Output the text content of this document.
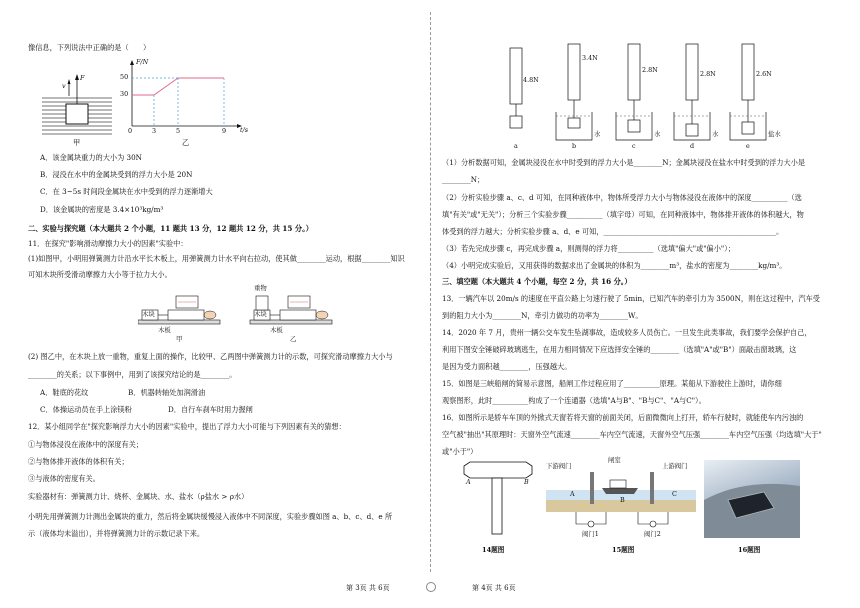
像信息，下列说法中正确的是（　　）
v
F
甲
F/N
t/s
50
30
0	3	5	9
乙
A．该金属块重力的大小为 30N
B．浸没在水中的金属块受到的浮力大小是 20N
C．在 3~5s 时间段金属块在水中受到的浮力逐渐增大
D．该金属块的密度是 3.4×10³kg/m³
二、实验与探究题（本大题共 2 个小题，11 题共 13 分，12 题共 12 分，共 15 分。）
11．在探究"影响滑动摩擦力大小的因素"实验中：
(1)如图甲，小明用弹簧测力计沿水平长木板上，用弹簧测力计水平向右拉动，使其做________运动，根据________知识
可知木块所受滑动摩擦力大小等于拉力大小。
木块
木板
甲
重物
木块
木板
乙
(2) 图乙中，在木块上放一重物，重复上面的操作，比较甲、乙两图中弹簧测力计的示数，可探究滑动摩擦力大小与
________的关系；以下事例中，用到了该探究结论的是________。
A．鞋底的花纹	B．机器转轴处加润滑油
C．体操运动员在手上涂镁粉	D．自行车刹车时用力握闸
12．某小组同学在"探究影响浮力大小的因素"实验中，提出了浮力大小可能与下列因素有关的猜想：
①与物体浸没在液体中的深度有关；
②与物体排开液体的体积有关；
③与液体的密度有关。
实验器材有：弹簧测力计、烧杯、金属块、水、盐水（ρ盐水 > ρ水）
小明先用弹簧测力计测出金属块的重力，然后将金属块缓慢浸入液体中不同深度，实验步骤如图 a、b、c、d、e 所
示（液体均未溢出），并将弹簧测力计的示数记录下来。
第 3页 共 6页	第 4页 共 6页
4.8N
3.4N
2.8N	2.8N	2.6N
水	水	水	盐水
a	b	c	d	e
（1）分析数据可知，金属块浸没在水中时受到的浮力大小是________N；金属块浸没在盐水中时受到的浮力大小是
________N；
（2）分析实验步骤 a、c、d 可知，在同种液体中，物体所受浮力大小与物体浸没在液体中的深度__________（选
填"有关"或"无关"）；分析三个实验步骤__________（填字母）可知，在同种液体中，物体排开液体的体积越大，物
体受到的浮力越大；分析实验步骤 a、d、e 可知，________________________________________________。
（3）若先完成步骤 c，再完成步骤 a，则测得的浮力将__________（选填"偏大"或"偏小"）；
（4）小明完成实验后，又用获得的数据求出了金属块的体积为________m³，盐水的密度为________kg/m³。
三、填空题（本大题共 4 个小题，每空 2 分，共 16 分。）
13．一辆汽车以 20m/s 的速度在平直公路上匀速行驶了 5min，已知汽车的牵引力为 3500N，则在这过程中，汽车受
到的阻力大小为________N，牵引力做功的功率为________W。
14．2020 年 7 月，贵州一辆公交车发生坠湖事故，造成较多人员伤亡。一旦发生此类事故，我们要学会保护自己，
利用下图安全锤破碎玻璃逃生，在用力相同情况下应选择安全锤的________（选填"A"或"B"）面敲击窗玻璃，这
是因为受力面积越________，压强越大。
15．如图是三峡船闸的简易示意图，船闸工作过程应用了__________原理。某船从下游驶往上游时，请你细
观察图形，此时__________构成了一个连通器（选填"A与B"、"B与C"、"A与C"）。
16．如图所示是轿车车顶的外掀式天窗若将天窗的前面关闭，后面微微向上打开，轿车行驶时，就能使车内污浊的
空气被"抽出"其原理时：天窗外空气流速________车内空气流速，天窗外空气压强________车内空气压强（均选填"大于"
或"小于"）
A	B
14题图
下游阀门
闸室
上游阀门
A
B
C
阀门1	阀门2
15题图	16题图
